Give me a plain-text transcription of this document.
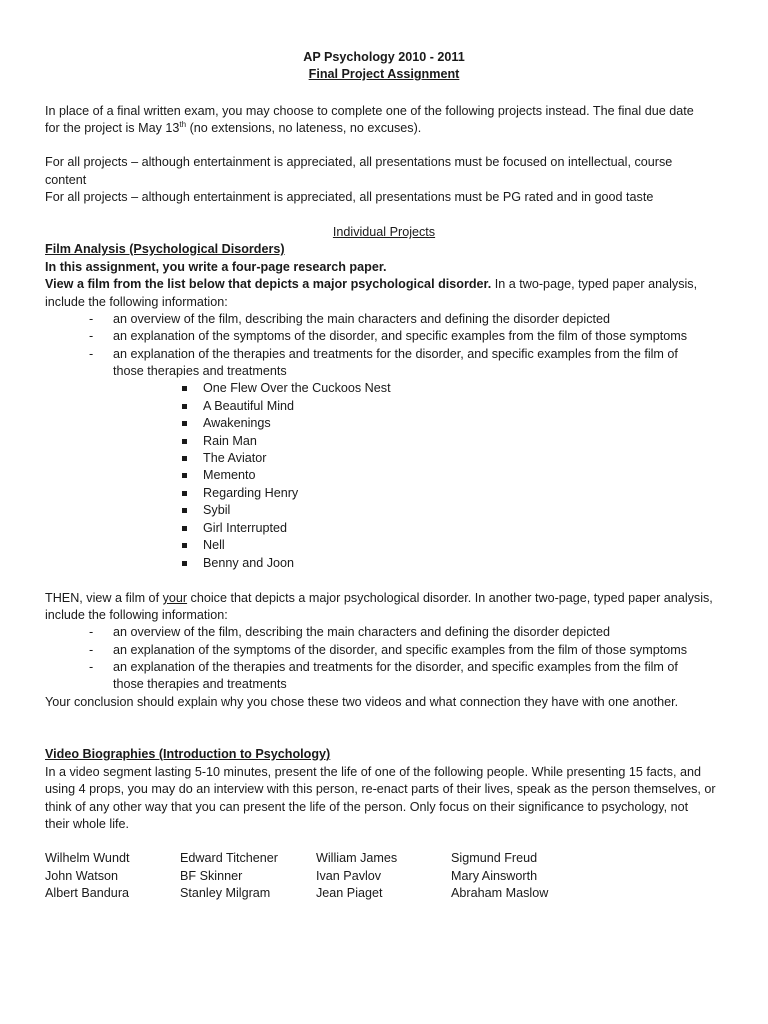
AP Psychology 2010 - 2011
Final Project Assignment
In place of a final written exam, you may choose to complete one of the following projects instead. The final due date
for the project is May 13th (no extensions, no lateness, no excuses).
For all projects – although entertainment is appreciated, all presentations must be focused on intellectual, course
content
For all projects – although entertainment is appreciated, all presentations must be PG rated and in good taste
Individual Projects
Film Analysis (Psychological Disorders)
In this assignment, you write a four-page research paper.
View a film from the list below that depicts a major psychological disorder. In a two-page, typed paper analysis,
include the following information:
- an overview of the film, describing the main characters and defining the disorder depicted
- an explanation of the symptoms of the disorder, and specific examples from the film of those symptoms
- an explanation of the therapies and treatments for the disorder, and specific examples from the film of
those therapies and treatments
One Flew Over the Cuckoos Nest
A Beautiful Mind
Awakenings
Rain Man
The Aviator
Memento
Regarding Henry
Sybil
Girl Interrupted
Nell
Benny and Joon
THEN, view a film of your choice that depicts a major psychological disorder. In another two-page, typed paper analysis,
include the following information:
- an overview of the film, describing the main characters and defining the disorder depicted
- an explanation of the symptoms of the disorder, and specific examples from the film of those symptoms
- an explanation of the therapies and treatments for the disorder, and specific examples from the film of
those therapies and treatments
Your conclusion should explain why you chose these two videos and what connection they have with one another.
Video Biographies (Introduction to Psychology)
In a video segment lasting 5-10 minutes, present the life of one of the following people. While presenting 15 facts, and
using 4 props, you may do an interview with this person, re-enact parts of their lives, speak as the person themselves, or
think of any other way that you can present the life of the person. Only focus on their significance to psychology, not
their whole life.
Wilhelm Wundt	Edward Titchener	William James	Sigmund Freud
John Watson	BF Skinner	Ivan Pavlov	Mary Ainsworth
Albert Bandura	Stanley Milgram	Jean Piaget	Abraham Maslow
